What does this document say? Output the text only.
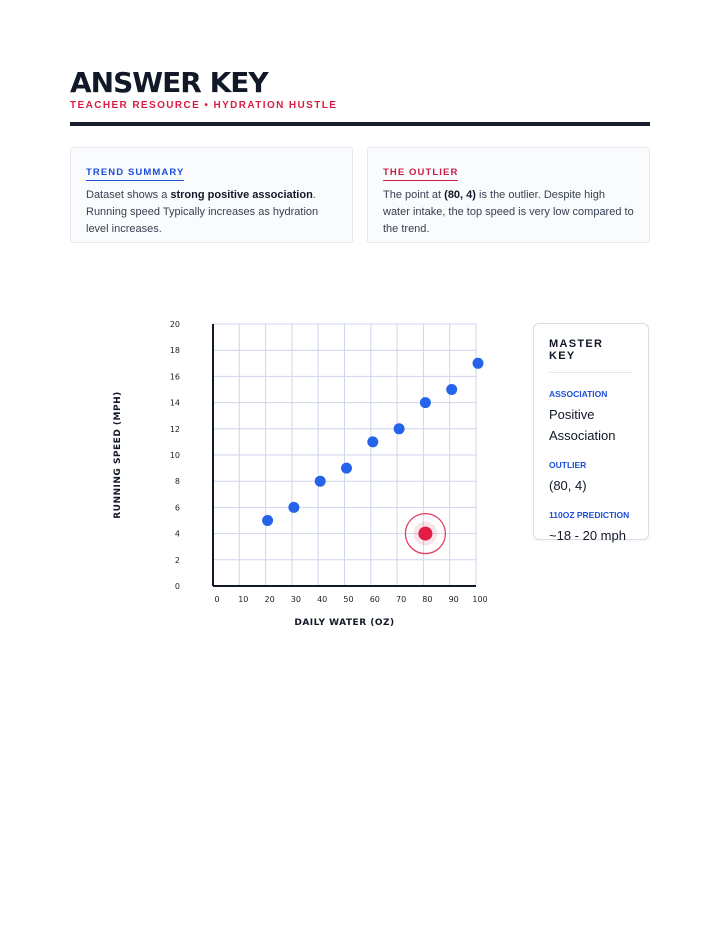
ANSWER KEY
TEACHER RESOURCE • HYDRATION HUSTLE
TREND SUMMARY
Dataset shows a strong positive association. Running speed Typically increases as hydration level increases.
THE OUTLIER
The point at (80, 4) is the outlier. Despite high water intake, the top speed is very low compared to the trend.
0 10 20 30 40 50 60 70 80 90 100
0
2
4
6
8
10
12
14
16
18
20
DAILY WATER (OZ)
RUNNING SPEED (MPH)
MASTER KEY
ASSOCIATION
Positive Association
OUTLIER
(80, 4)
110OZ PREDICTION
~18 - 20 mph
